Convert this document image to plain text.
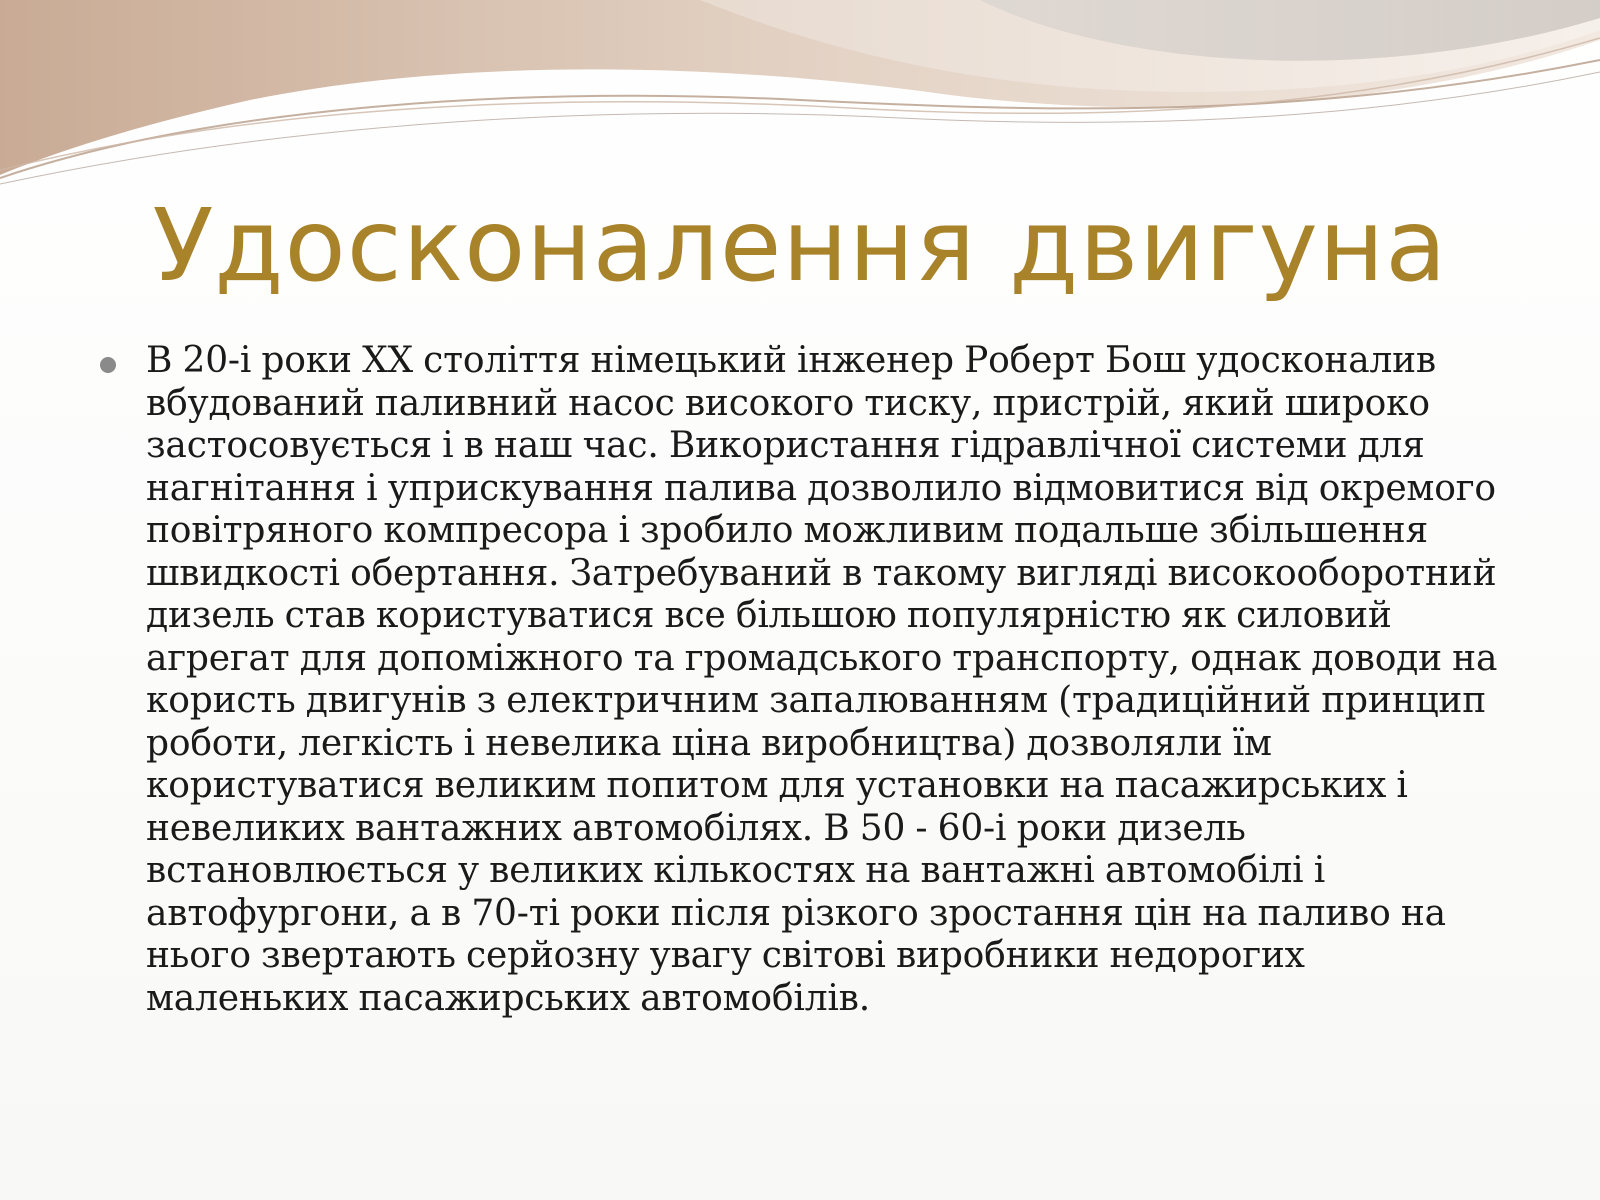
Удосконалення двигуна

В 20-і роки XX століття німецький інженер Роберт Бош удосконалив вбудований паливний насос високого тиску, пристрій, який широко застосовується і в наш час. Використання гідравлічної системи для нагнітання і уприскування палива дозволило відмовитися від окремого повітряного компресора і зробило можливим подальше збільшення швидкості обертання. Затребуваний в такому вигляді високооборотний дизель став користуватися все більшою популярністю як силовий агрегат для допоміжного та громадського транспорту, однак доводи на користь двигунів з електричним запалюванням (традиційний принцип роботи, легкість і невелика ціна виробництва) дозволяли їм користуватися великим попитом для установки на пасажирських і невеликих вантажних автомобілях. В 50 - 60-і роки дизель встановлюється у великих кількостях на вантажні автомобілі і автофургони, а в 70-ті роки після різкого зростання цін на паливо на нього звертають серйозну увагу світові виробники недорогих маленьких пасажирських автомобілів.
